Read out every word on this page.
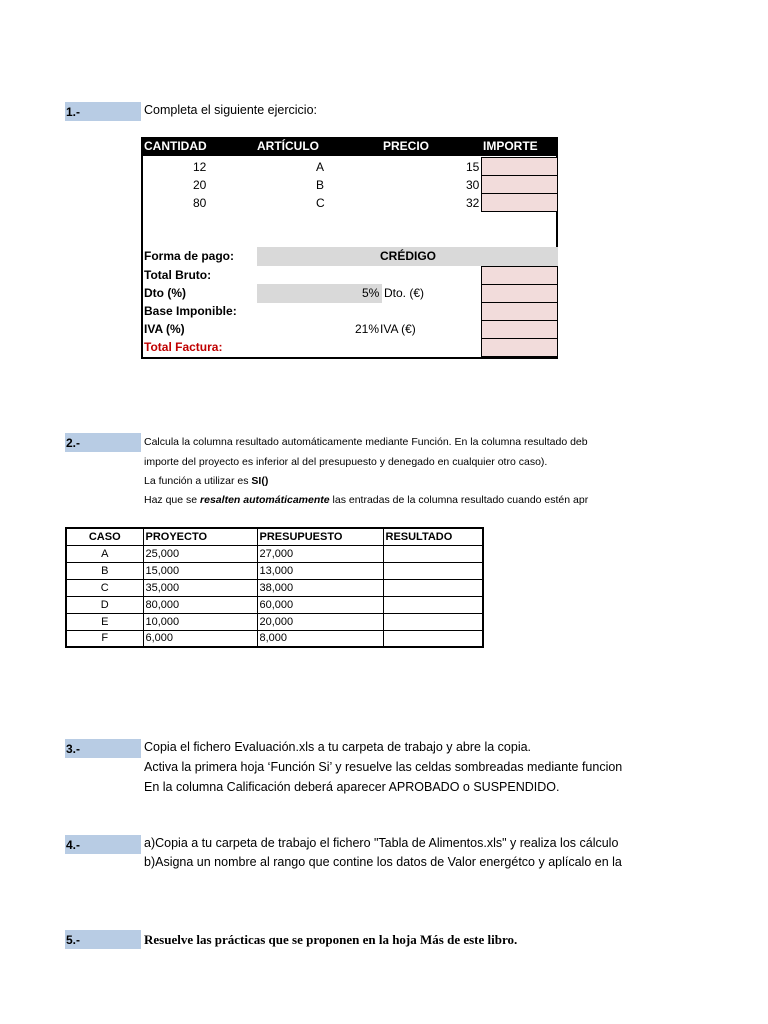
1.-	Completa el siguiente ejercicio:
CANTIDAD	ARTÍCULO	PRECIO	IMPORTE
12	A	15
20	B	30
80	C	32
Forma de pago:	CRÉDIGO
Total Bruto:
Dto (%)	5% Dto. (€)
Base Imponible:
IVA (%)	21% IVA (€)
Total Factura:
2.-	Calcula la columna resultado automáticamente mediante Función. En la columna resultado deb
importe del proyecto es inferior al del presupuesto y denegado en cualquier otro caso).
La función a utilizar es SI()
Haz que se resalten automáticamente las entradas de la columna resultado cuando estén apr
CASO	PROYECTO	PRESUPUESTO	RESULTADO
A	25,000	27,000	
B	15,000	13,000	
C	35,000	38,000	
D	80,000	60,000	
E	10,000	20,000	
F	6,000	8,000	
3.-	Copia el fichero Evaluación.xls a tu carpeta de trabajo y abre la copia.
Activa la primera hoja ‘Función Si’ y resuelve las celdas sombreadas mediante funcion
En la columna Calificación deberá aparecer APROBADO o SUSPENDIDO.
4.-	a)Copia a tu carpeta de trabajo el fichero "Tabla de Alimentos.xls" y realiza los cálculo
b)Asigna un nombre al rango que contine los datos de Valor energétco y aplícalo en la
5.-	Resuelve las prácticas que se proponen en la hoja Más de este libro.
